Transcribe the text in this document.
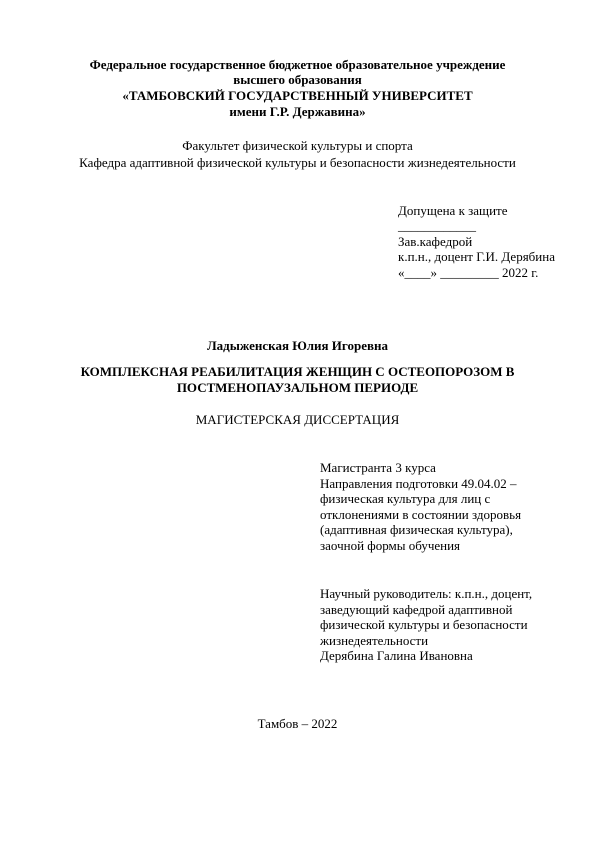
Федеральное государственное бюджетное образовательное учреждение
высшего образования
«ТАМБОВСКИЙ ГОСУДАРСТВЕННЫЙ УНИВЕРСИТЕТ
имени Г.Р. Державина»
Факультет физической культуры и спорта
Кафедра адаптивной физической культуры и безопасности жизнедеятельности
Допущена к защите
____________
Зав.кафедрой
к.п.н., доцент Г.И. Дерябина
«____» _________ 2022 г.
Ладыженская Юлия Игоревна
КОМПЛЕКСНАЯ РЕАБИЛИТАЦИЯ ЖЕНЩИН С ОСТЕОПОРОЗОМ В
ПОСТМЕНОПАУЗАЛЬНОМ ПЕРИОДЕ
МАГИСТЕРСКАЯ ДИССЕРТАЦИЯ
Магистранта 3 курса
Направления подготовки 49.04.02 –
физическая культура для лиц с
отклонениями в состоянии здоровья
(адаптивная физическая культура),
заочной формы обучения
Научный руководитель: к.п.н., доцент,
заведующий кафедрой адаптивной
физической культуры и безопасности
жизнедеятельности
Дерябина Галина Ивановна
Тамбов – 2022
